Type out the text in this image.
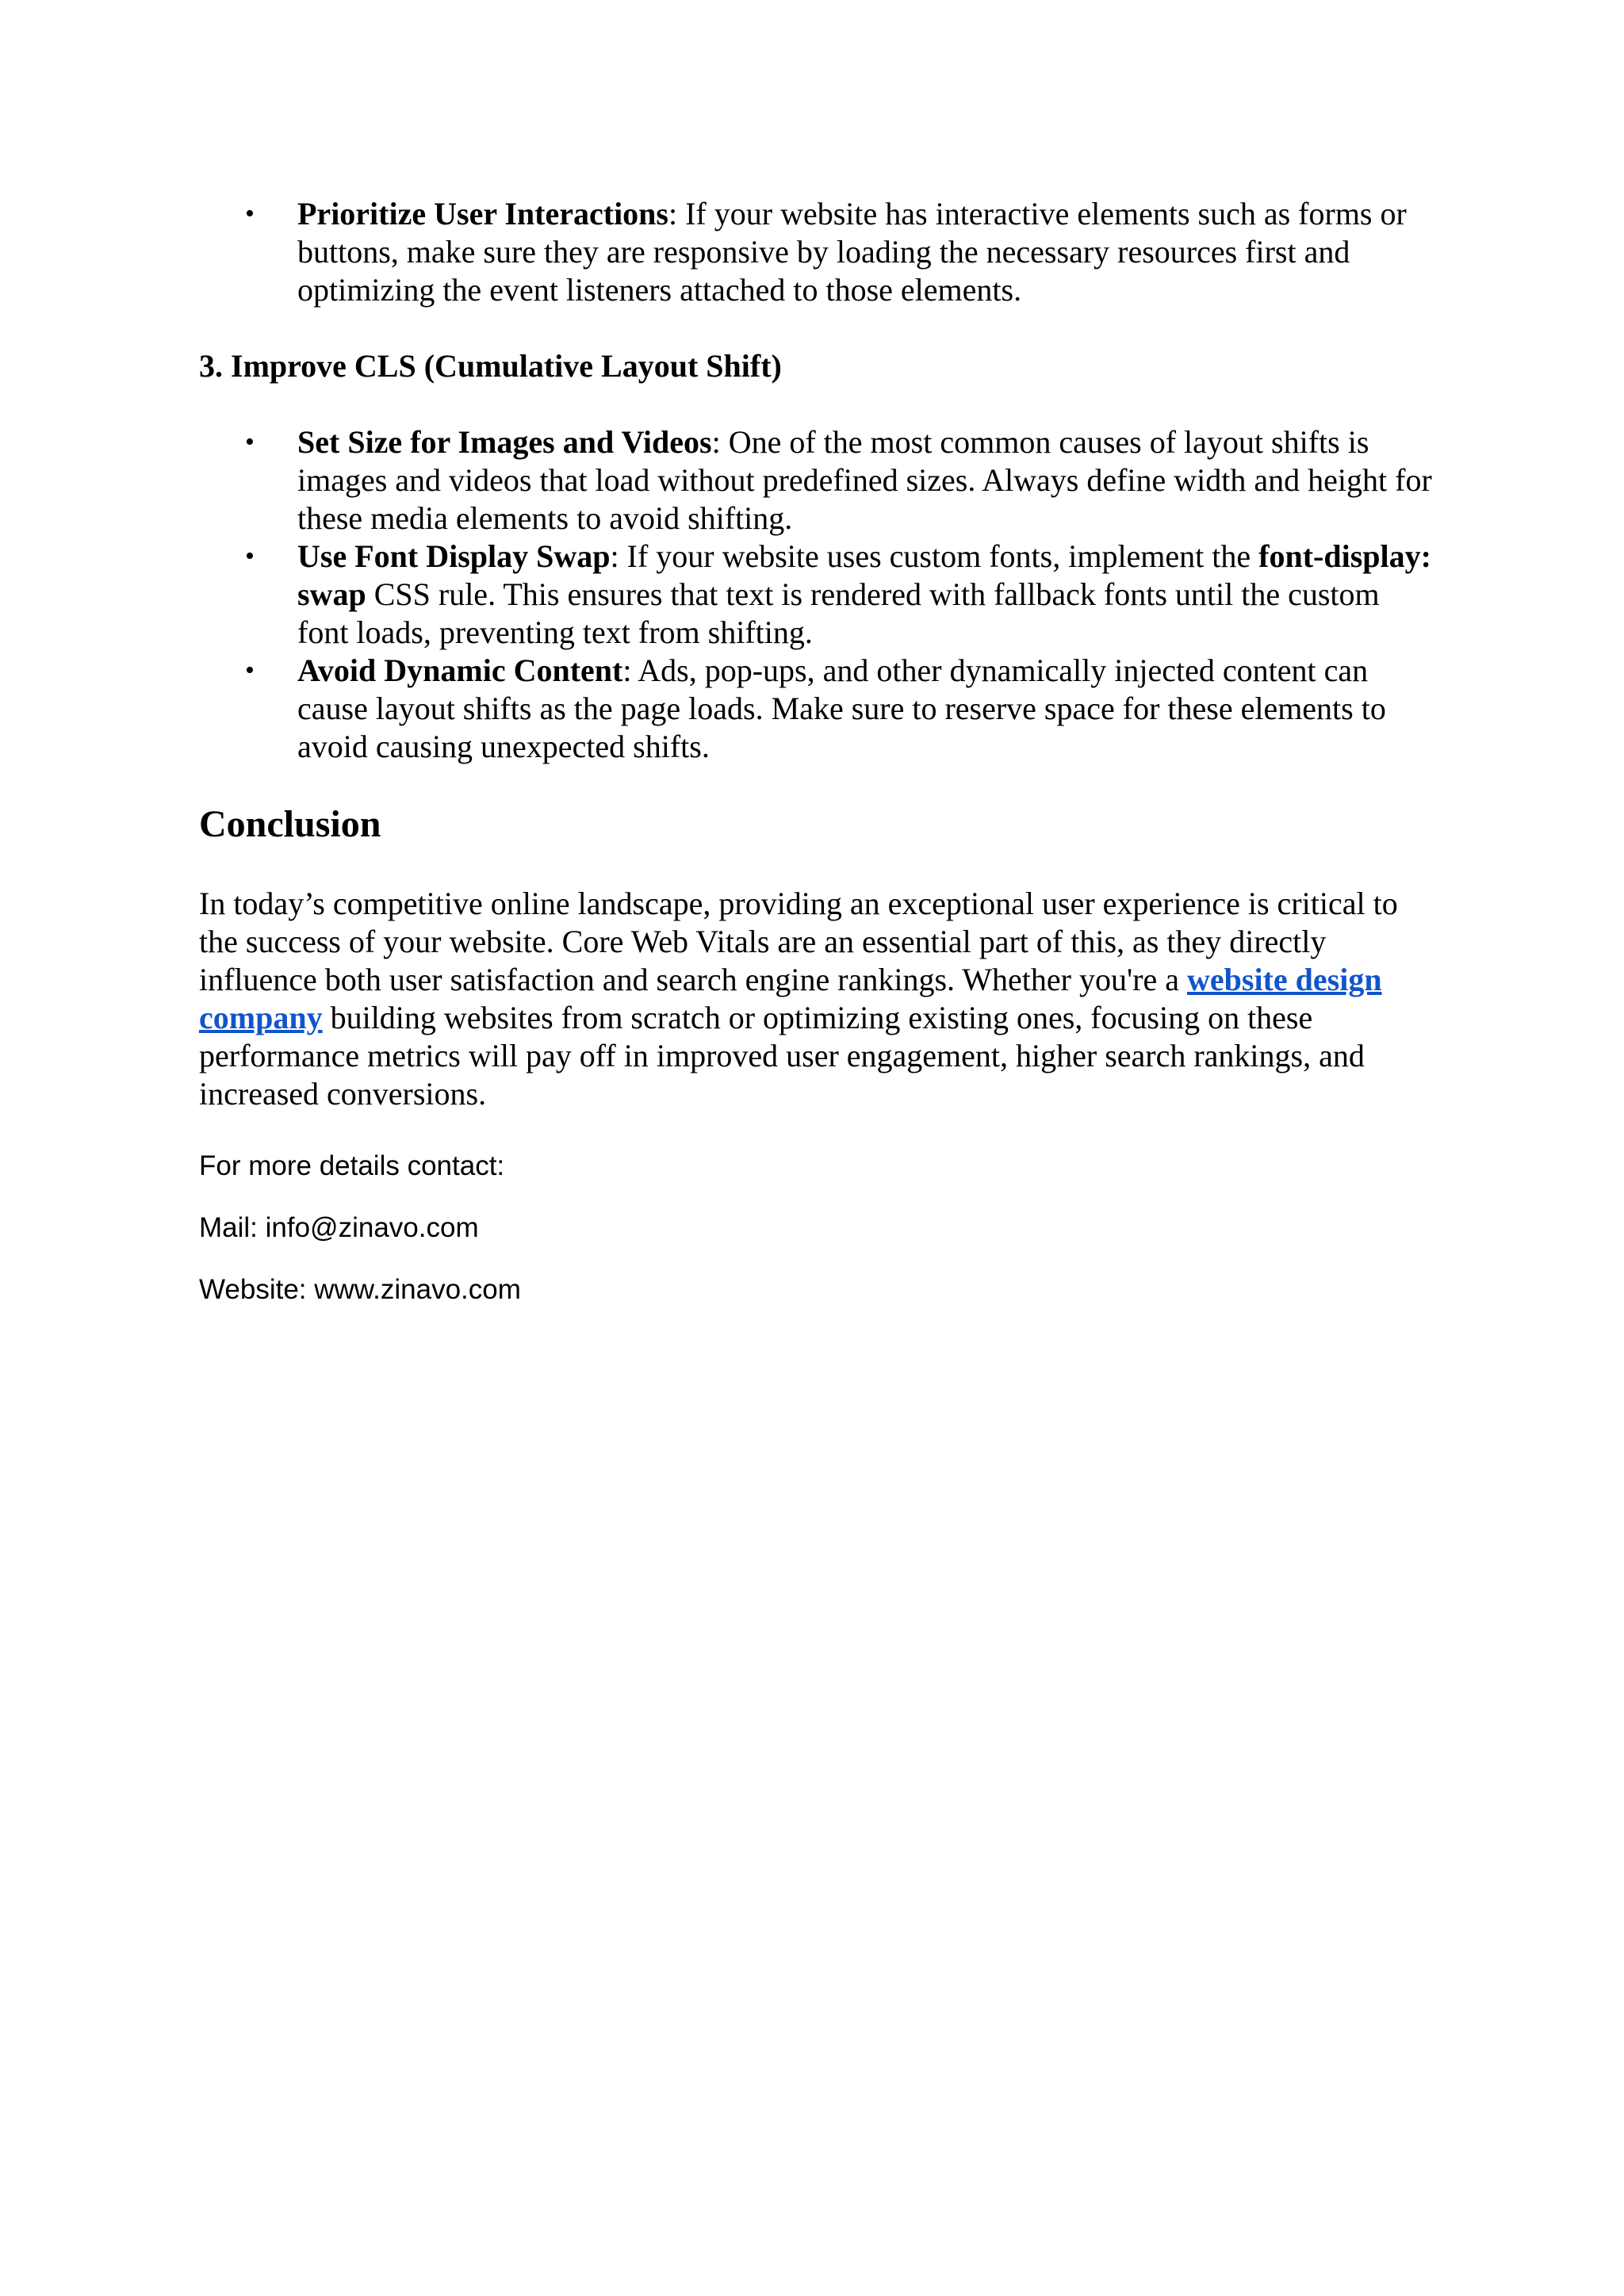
• Prioritize User Interactions: If your website has interactive elements such as forms or buttons, make sure they are responsive by loading the necessary resources first and optimizing the event listeners attached to those elements.
3. Improve CLS (Cumulative Layout Shift)
• Set Size for Images and Videos: One of the most common causes of layout shifts is images and videos that load without predefined sizes. Always define width and height for these media elements to avoid shifting.
• Use Font Display Swap: If your website uses custom fonts, implement the font-display: swap CSS rule. This ensures that text is rendered with fallback fonts until the custom font loads, preventing text from shifting.
• Avoid Dynamic Content: Ads, pop-ups, and other dynamically injected content can cause layout shifts as the page loads. Make sure to reserve space for these elements to avoid causing unexpected shifts.
Conclusion

In today’s competitive online landscape, providing an exceptional user experience is critical to the success of your website. Core Web Vitals are an essential part of this, as they directly influence both user satisfaction and search engine rankings. Whether you're a website design company building websites from scratch or optimizing existing ones, focusing on these performance metrics will pay off in improved user engagement, higher search rankings, and increased conversions.

For more details contact:

Mail: info@zinavo.com

Website: www.zinavo.com
